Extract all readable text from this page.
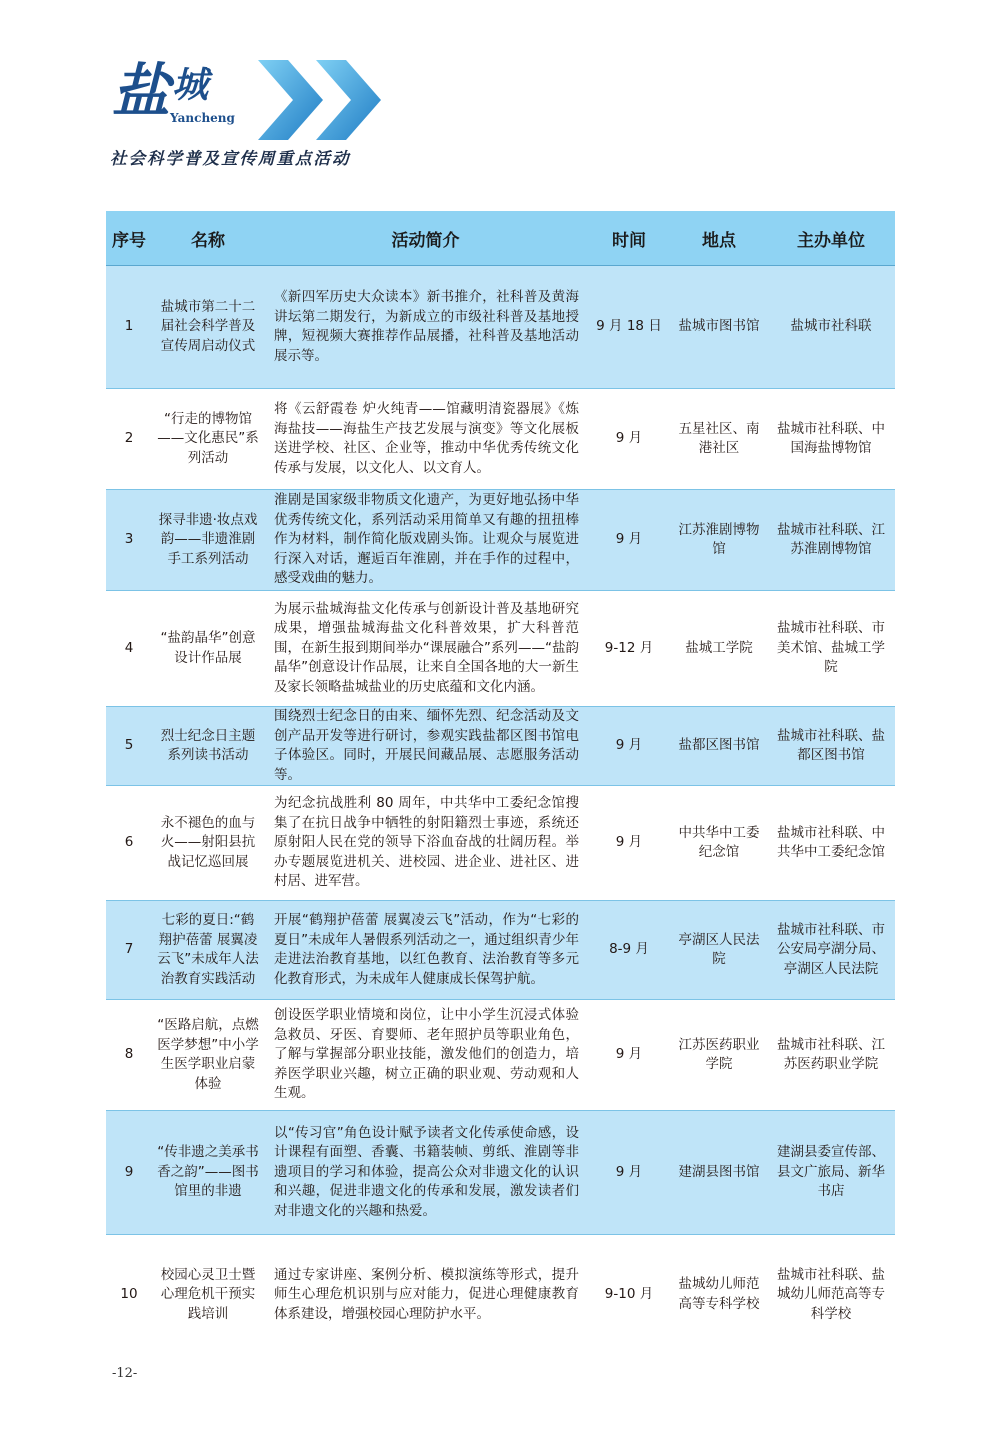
盐城
Yancheng
社会科学普及宣传周重点活动
序号	名称	活动简介	时间	地点	主办单位
1	盐城市第二十二届社会科学普及宣传周启动仪式	《新四军历史大众读本》新书推介，社科普及黄海讲坛第二期发行，为新成立的市级社科普及基地授牌，短视频大赛推荐作品展播，社科普及基地活动展示等。	9 月 18 日	盐城市图书馆	盐城市社科联
2	“行走的博物馆——文化惠民”系列活动	将《云舒霞卷 炉火纯青——馆藏明清瓷器展》《炼海盐技——海盐生产技艺发展与演变》等文化展板送进学校、社区、企业等，推动中华优秀传统文化传承与发展，以文化人、以文育人。	9 月	五星社区、南港社区	盐城市社科联、中国海盐博物馆
3	探寻非遗·妆点戏韵——非遗淮剧手工系列活动	淮剧是国家级非物质文化遗产，为更好地弘扬中华优秀传统文化，系列活动采用简单又有趣的扭扭棒作为材料，制作简化版戏剧头饰。让观众与展览进行深入对话，邂逅百年淮剧，并在手作的过程中，感受戏曲的魅力。	9 月	江苏淮剧博物馆	盐城市社科联、江苏淮剧博物馆
4	“盐韵晶华”创意设计作品展	为展示盐城海盐文化传承与创新设计普及基地研究成果，增强盐城海盐文化科普效果，扩大科普范围，在新生报到期间举办“课展融合”系列——“盐韵晶华”创意设计作品展，让来自全国各地的大一新生及家长领略盐城盐业的历史底蕴和文化内涵。	9-12 月	盐城工学院	盐城市社科联、市美术馆、盐城工学院
5	烈士纪念日主题系列读书活动	围绕烈士纪念日的由来、缅怀先烈、纪念活动及文创产品开发等进行研讨，参观实践盐都区图书馆电子体验区。同时，开展民间藏品展、志愿服务活动等。	9 月	盐都区图书馆	盐城市社科联、盐都区图书馆
6	永不褪色的血与火——射阳县抗战记忆巡回展	为纪念抗战胜利 80 周年，中共华中工委纪念馆搜集了在抗日战争中牺牲的射阳籍烈士事迹，系统还原射阳人民在党的领导下浴血奋战的壮阔历程。举办专题展览进机关、进校园、进企业、进社区、进村居、进军营。	9 月	中共华中工委纪念馆	盐城市社科联、中共华中工委纪念馆
7	七彩的夏日:“鹤翔护蓓蕾 展翼凌云飞”未成年人法治教育实践活动	开展“鹤翔护蓓蕾 展翼凌云飞”活动，作为“七彩的夏日”未成年人暑假系列活动之一，通过组织青少年走进法治教育基地，以红色教育、法治教育等多元化教育形式，为未成年人健康成长保驾护航。	8-9 月	亭湖区人民法院	盐城市社科联、市公安局亭湖分局、亭湖区人民法院
8	“医路启航，点燃医学梦想”中小学生医学职业启蒙体验	创设医学职业情境和岗位，让中小学生沉浸式体验急救员、牙医、育婴师、老年照护员等职业角色，了解与掌握部分职业技能，激发他们的创造力，培养医学职业兴趣，树立正确的职业观、劳动观和人生观。	9 月	江苏医药职业学院	盐城市社科联、江苏医药职业学院
9	“传非遗之美承书香之韵”——图书馆里的非遗	以“传习官”角色设计赋予读者文化传承使命感，设计课程有面塑、香囊、书籍装帧、剪纸、淮剧等非遗项目的学习和体验，提高公众对非遗文化的认识和兴趣，促进非遗文化的传承和发展，激发读者们对非遗文化的兴趣和热爱。	9 月	建湖县图书馆	建湖县委宣传部、县文广旅局、新华书店
10	校园心灵卫士暨心理危机干预实践培训	通过专家讲座、案例分析、模拟演练等形式，提升师生心理危机识别与应对能力，促进心理健康教育体系建设，增强校园心理防护水平。	9-10 月	盐城幼儿师范高等专科学校	盐城市社科联、盐城幼儿师范高等专科学校
-12-
